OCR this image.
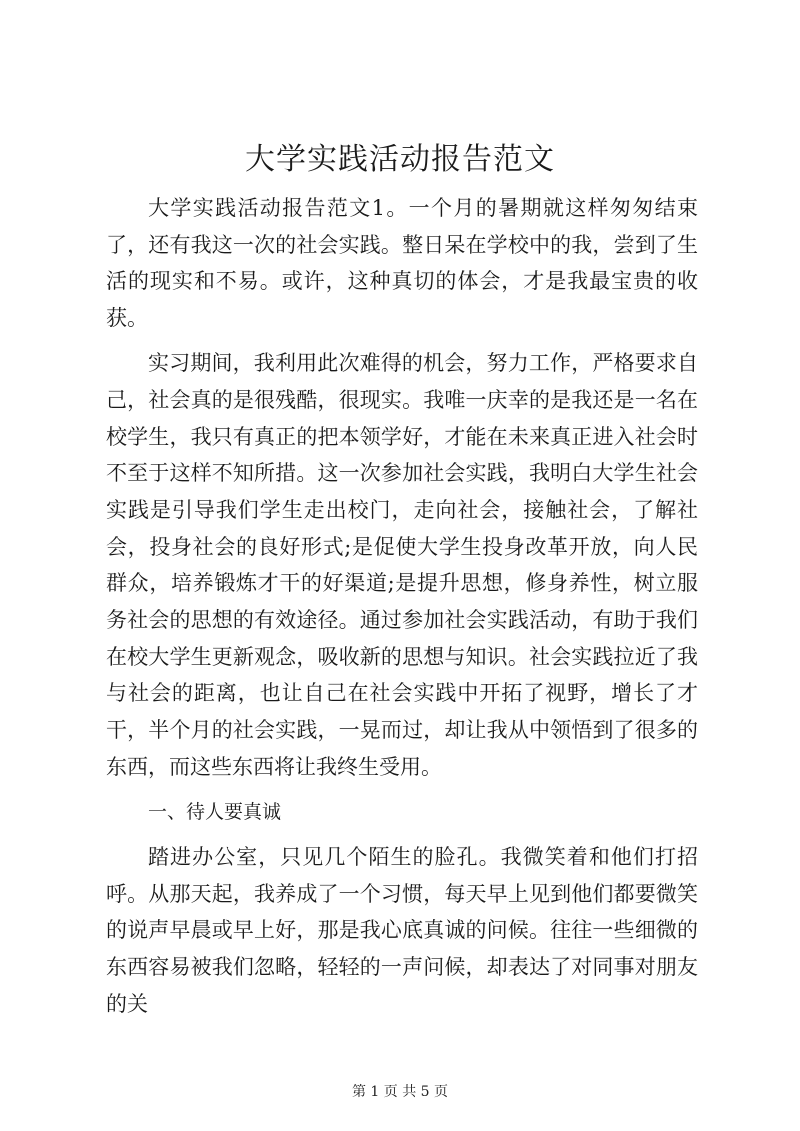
大学实践活动报告范文

大学实践活动报告范文1。一个月的暑期就这样匆匆结束了，还有我这一次的社会实践。整日呆在学校中的我，尝到了生活的现实和不易。或许，这种真切的体会，才是我最宝贵的收获。

实习期间，我利用此次难得的机会，努力工作，严格要求自己，社会真的是很残酷，很现实。我唯一庆幸的是我还是一名在校学生，我只有真正的把本领学好，才能在未来真正进入社会时不至于这样不知所措。这一次参加社会实践，我明白大学生社会实践是引导我们学生走出校门，走向社会，接触社会，了解社会，投身社会的良好形式;是促使大学生投身改革开放，向人民群众，培养锻炼才干的好渠道;是提升思想，修身养性，树立服务社会的思想的有效途径。通过参加社会实践活动，有助于我们在校大学生更新观念，吸收新的思想与知识。社会实践拉近了我与社会的距离，也让自己在社会实践中开拓了视野，增长了才干，半个月的社会实践，一晃而过，却让我从中领悟到了很多的东西，而这些东西将让我终生受用。

一、待人要真诚

踏进办公室，只见几个陌生的脸孔。我微笑着和他们打招呼。从那天起，我养成了一个习惯，每天早上见到他们都要微笑的说声早晨或早上好，那是我心底真诚的问候。往往一些细微的东西容易被我们忽略，轻轻的一声问候，却表达了对同事对朋友的关

第 1 页 共 5 页
